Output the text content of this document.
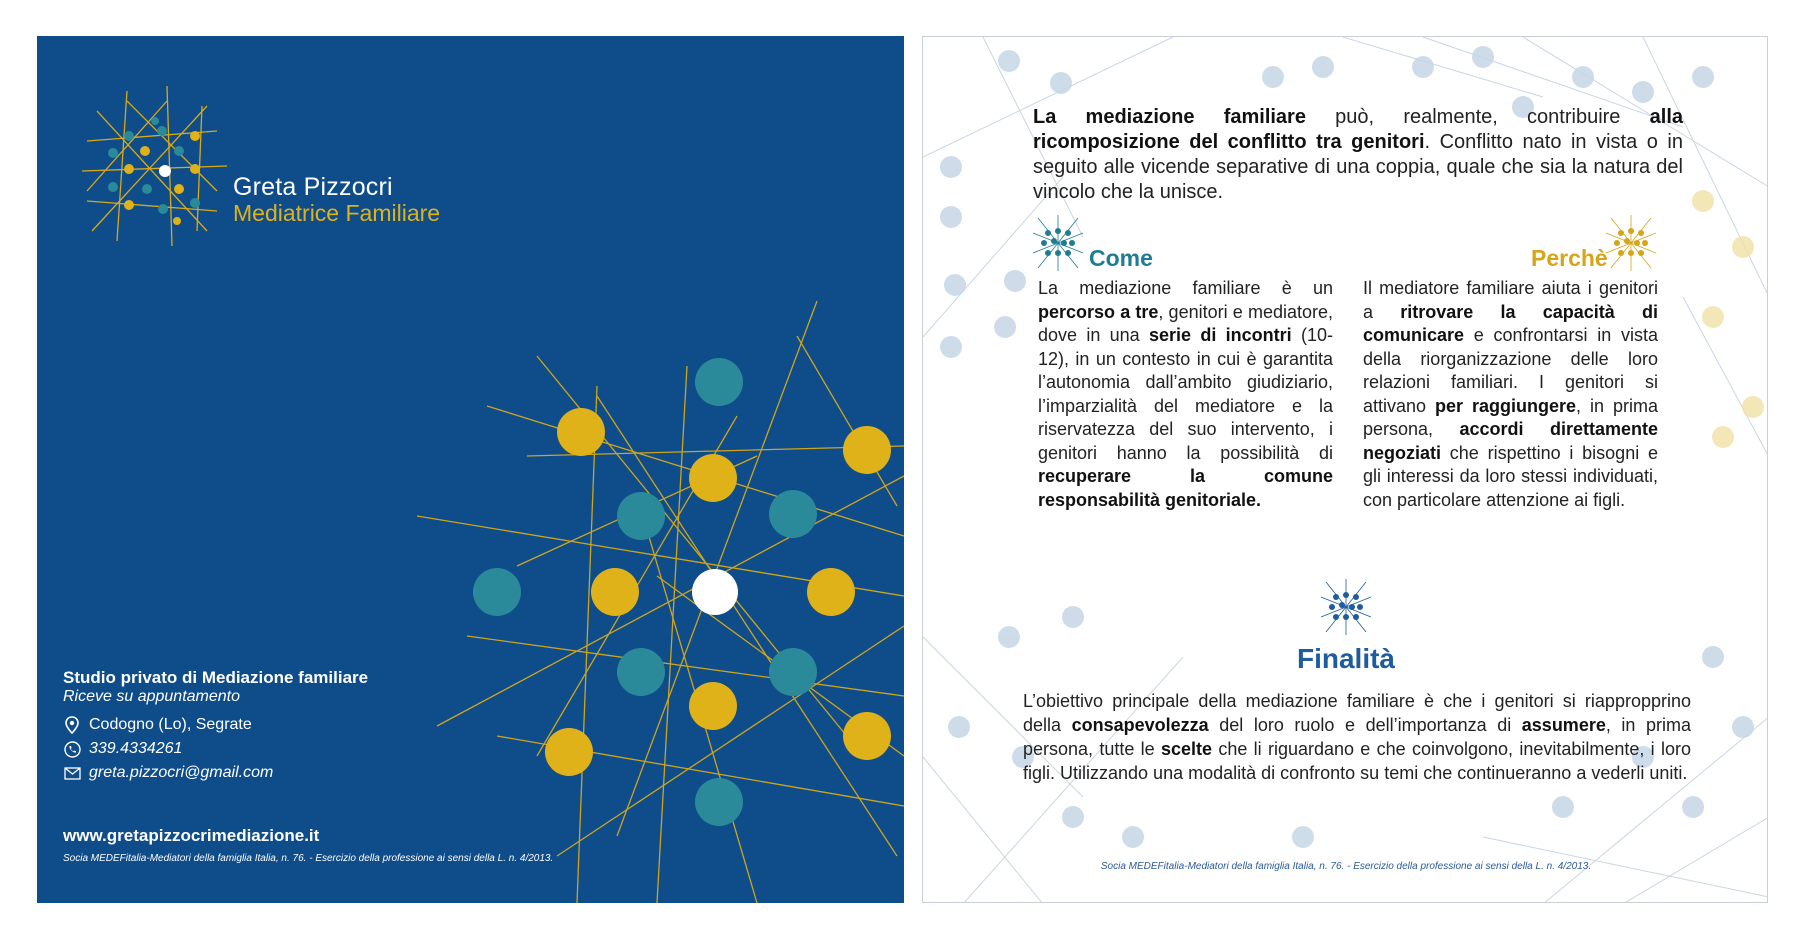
Greta Pizzocri
Mediatrice Familiare
Studio privato di Mediazione familiare
Riceve su appuntamento
Codogno (Lo), Segrate
339.4334261
greta.pizzocri@gmail.com
www.gretapizzocrimediazione.it
Socia MEDEFitalia-Mediatori della famiglia Italia, n. 76. - Esercizio della professione ai sensi della L. n. 4/2013.

La mediazione familiare può, realmente, contribuire alla ricomposizione del conflitto tra genitori. Conflitto nato in vista o in seguito alle vicende separative di una coppia, quale che sia la natura del vincolo che la unisce.

Come
La mediazione familiare è un percorso a tre, genitori e mediatore, dove in una serie di incontri (10-12), in un contesto in cui è garantita l’autonomia dall’ambito giudiziario, l’imparzialità del mediatore e la riservatezza del suo intervento, i genitori hanno la possibilità di recuperare la comune responsabilità genitoriale.
Perchè
Il mediatore familiare aiuta i genitori a ritrovare la capacità di comunicare e confrontarsi in vista della riorganizzazione delle loro relazioni familiari. I genitori si attivano per raggiungere, in prima persona, accordi direttamente negoziati che rispettino i bisogni e gli interessi da loro stessi individuati, con particolare attenzione ai figli.
Finalità
L’obiettivo principale della mediazione familiare è che i genitori si riappropprino della consapevolezza del loro ruolo e dell’importanza di assumere, in prima persona, tutte le scelte che li riguardano e che coinvolgono, inevitabilmente, i loro figli. Utilizzando una modalità di confronto su temi che continueranno a vederli uniti.
Socia MEDEFitalia-Mediatori della famiglia Italia, n. 76. - Esercizio della professione ai sensi della L. n. 4/2013.
